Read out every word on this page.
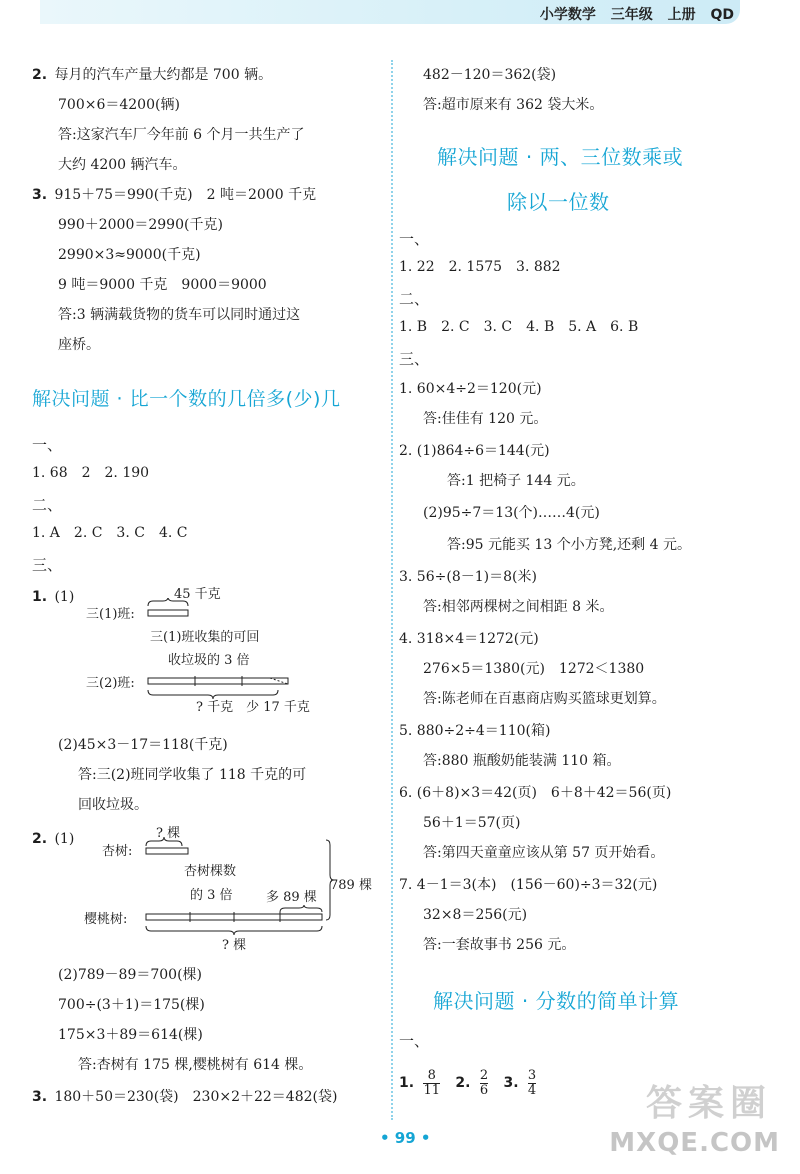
小学数学 三年级 上册 QD
2. 每月的汽车产量大约都是 700 辆。
700×6＝4200(辆)
答:这家汽车厂今年前 6 个月一共生产了
大约 4200 辆汽车。
3. 915＋75＝990(千克)　2 吨＝2000 千克
990＋2000＝2990(千克)
2990×3≈9000(千克)
9 吨＝9000 千克　9000＝9000
答:3 辆满载货物的货车可以同时通过这
座桥。
解决问题 · 比一个数的几倍多(少)几
一、
1. 68　2　2. 190
二、
1. A　2. C　3. C　4. C
三、
1. (1)	45 千克
三(1)班:
三(1)班收集的可回
收垃圾的 3 倍
三(2)班:
? 千克　少 17 千克
(2)45×3－17＝118(千克)
答:三(2)班同学收集了 118 千克的可
回收垃圾。
2. (1)	? 棵
杏树:
杏树棵数
的 3 倍	多 89 棵
789 棵
樱桃树:
? 棵
(2)789－89＝700(棵)
700÷(3＋1)＝175(棵)
175×3＋89＝614(棵)
答:杏树有 175 棵,樱桃树有 614 棵。
3. 180＋50＝230(袋)　230×2＋22＝482(袋)
482－120＝362(袋)
答:超市原来有 362 袋大米。
解决问题 · 两、三位数乘或
除以一位数
一、
1. 22　2. 1575　3. 882
二、
1. B　2. C　3. C　4. B　5. A　6. B
三、
1. 60×4÷2＝120(元)
答:佳佳有 120 元。
2. (1)864÷6＝144(元)
答:1 把椅子 144 元。
(2)95÷7＝13(个)……4(元)
答:95 元能买 13 个小方凳,还剩 4 元。
3. 56÷(8－1)＝8(米)
答:相邻两棵树之间相距 8 米。
4. 318×4＝1272(元)
276×5＝1380(元)　1272＜1380
答:陈老师在百惠商店购买篮球更划算。
5. 880÷2÷4＝110(箱)
答:880 瓶酸奶能装满 110 箱。
6. (6＋8)×3＝42(页)　6＋8＋42＝56(页)
56＋1＝57(页)
答:第四天童童应该从第 57 页开始看。
7. 4－1＝3(本)　(156－60)÷3＝32(元)
32×8＝256(元)
答:一套故事书 256 元。
解决问题 · 分数的简单计算
一、
1. $\frac{8}{11} 2$. $\frac{2}{6} 3$. $\frac{3}{4}$
• 99 •
答案圈
MXQE.COM
